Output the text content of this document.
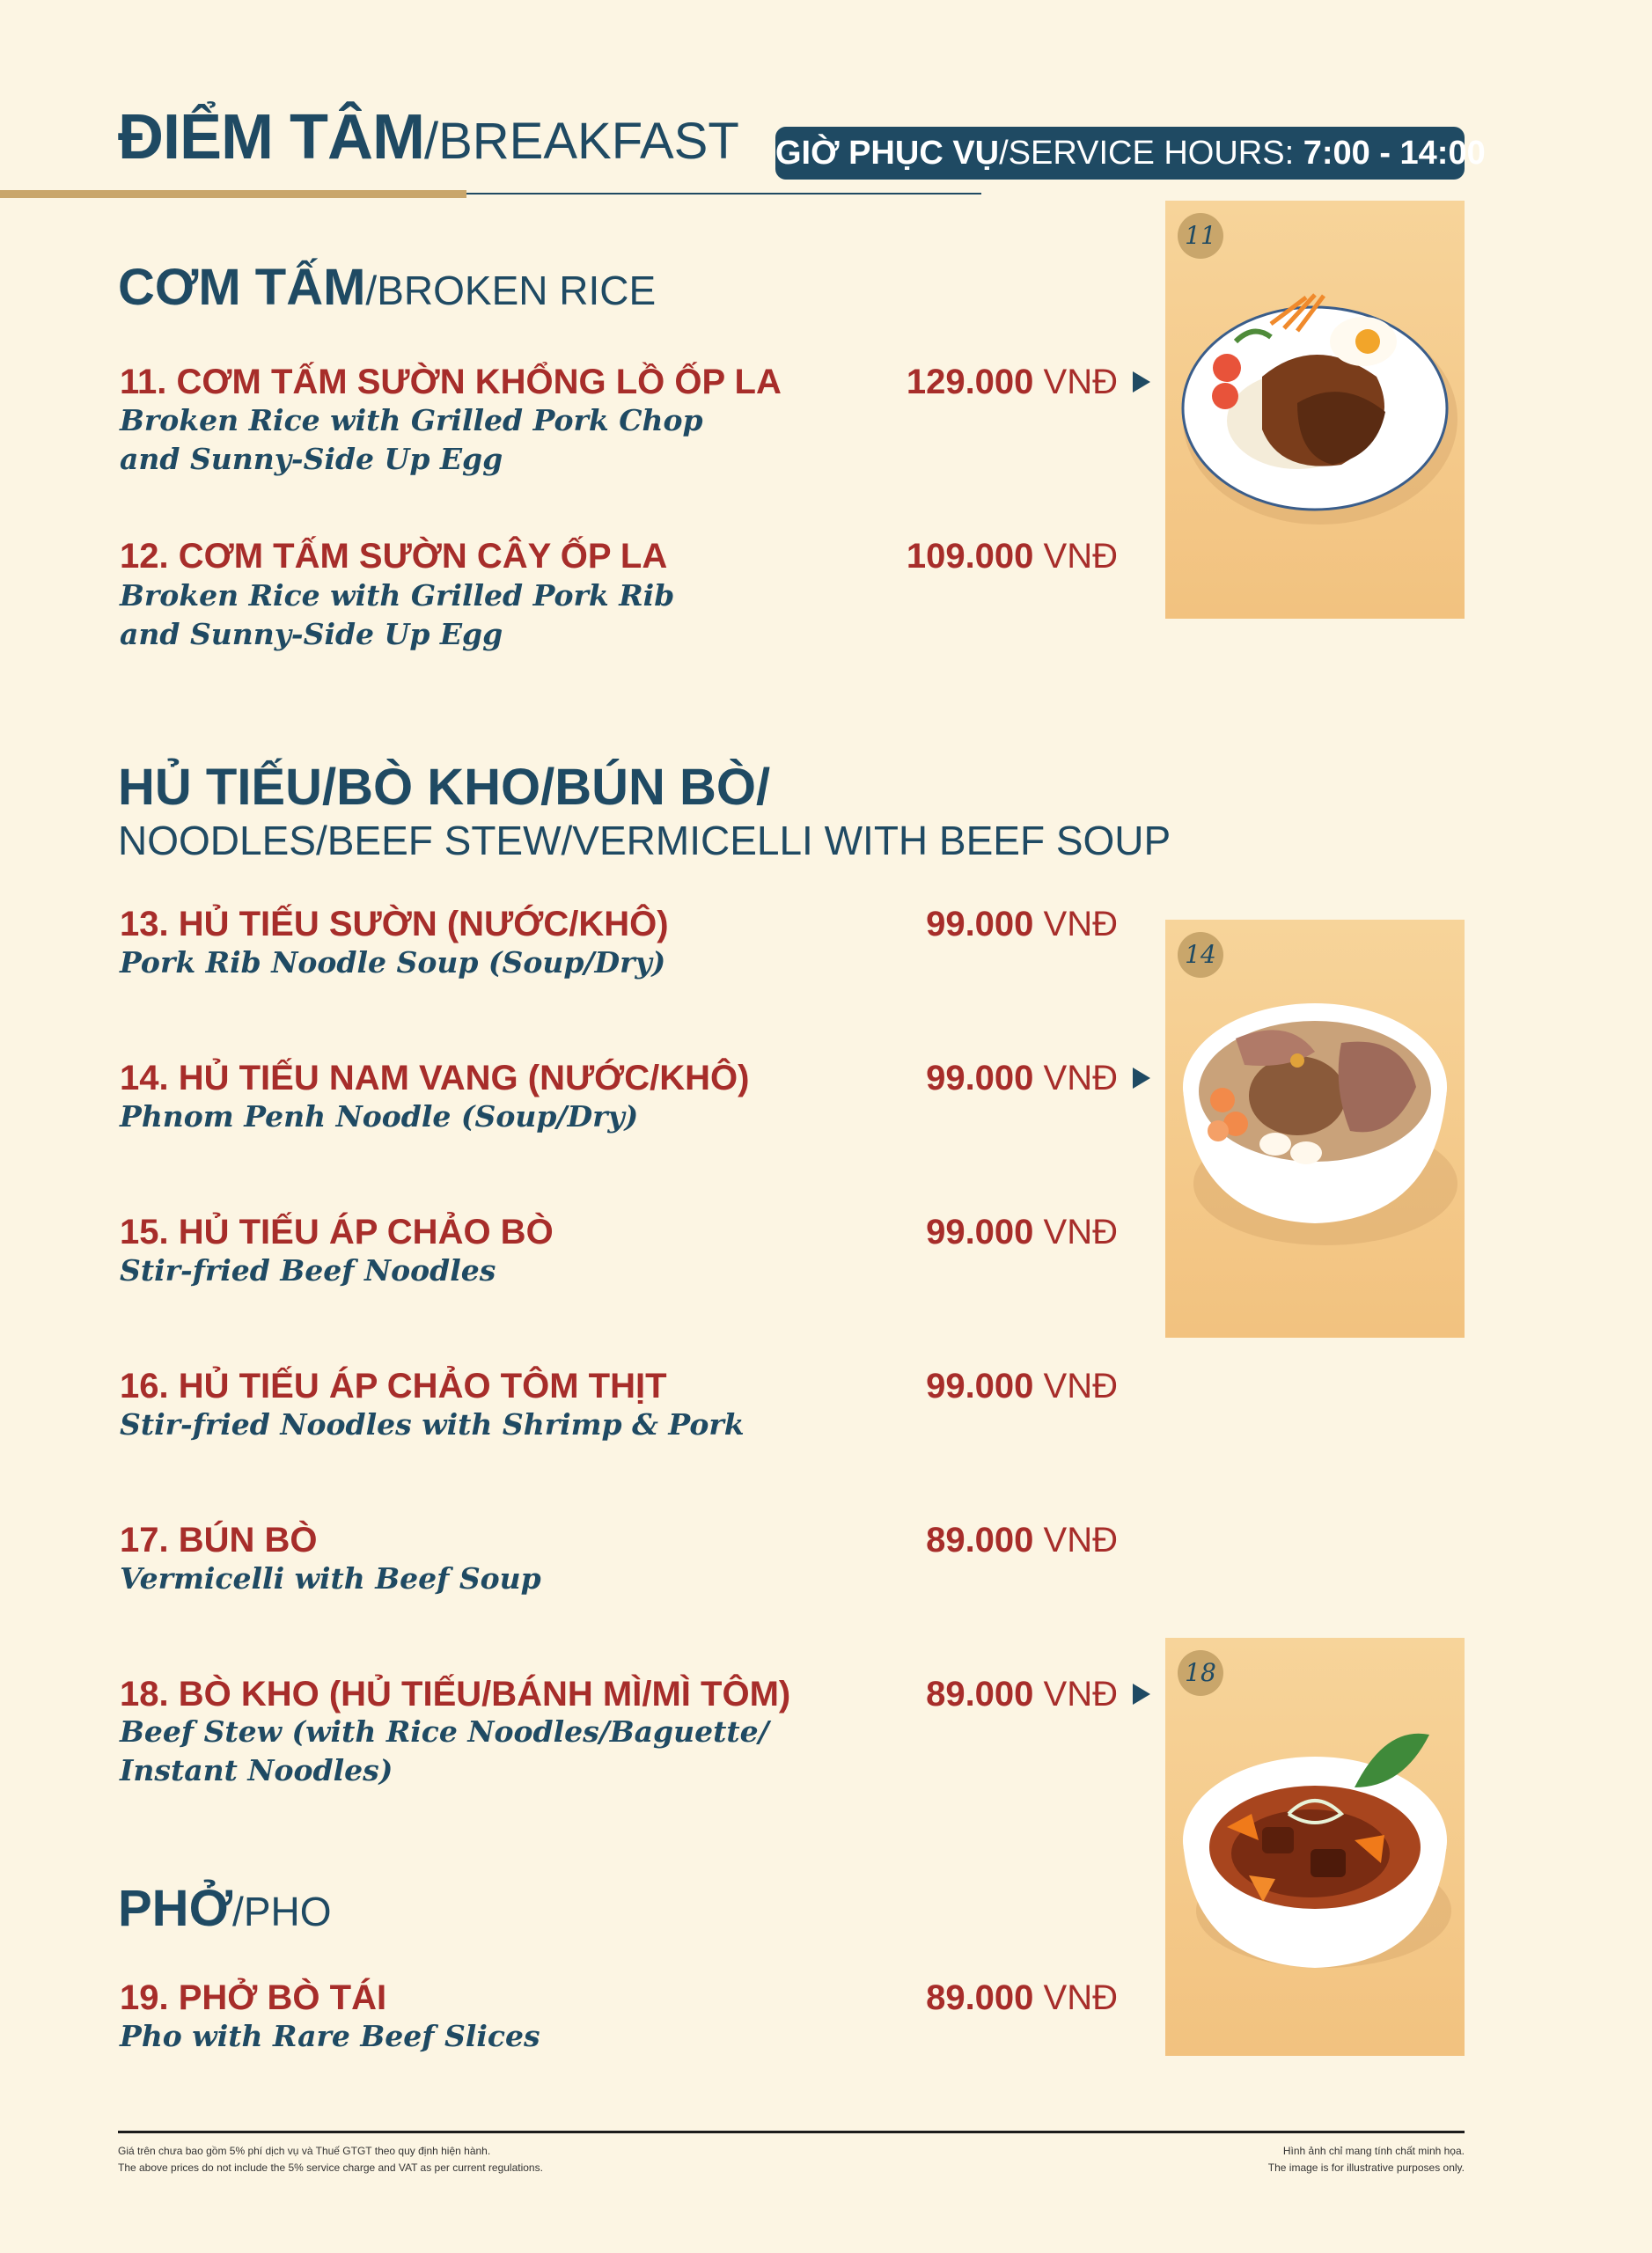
ĐIỂM TÂM/BREAKFAST GIỜ PHỤC VỤ/SERVICE HOURS: 7:00 - 14:00
CƠM TẤM/BROKEN RICE
11. CƠM TẤM SƯỜN KHỔNG LỒ ỐP LA	129.000 VNĐ
Broken Rice with Grilled Pork Chop
and Sunny-Side Up Egg
12. CƠM TẤM SƯỜN CÂY ỐP LA	109.000 VNĐ
Broken Rice with Grilled Pork Rib
and Sunny-Side Up Egg
11
HỦ TIẾU/BÒ KHO/BÚN BÒ/
NOODLES/BEEF STEW/VERMICELLI WITH BEEF SOUP
13. HỦ TIẾU SƯỜN (NƯỚC/KHÔ)	99.000 VNĐ
Pork Rib Noodle Soup (Soup/Dry)
14. HỦ TIẾU NAM VANG (NƯỚC/KHÔ)	99.000 VNĐ
Phnom Penh Noodle (Soup/Dry)
15. HỦ TIẾU ÁP CHẢO BÒ	99.000 VNĐ
Stir-fried Beef Noodles
16. HỦ TIẾU ÁP CHẢO TÔM THỊT	99.000 VNĐ
Stir-fried Noodles with Shrimp & Pork
17. BÚN BÒ	89.000 VNĐ
Vermicelli with Beef Soup
18. BÒ KHO (HỦ TIẾU/BÁNH MÌ/MÌ TÔM)	89.000 VNĐ
Beef Stew (with Rice Noodles/Baguette/
Instant Noodles)
14
PHỞ/PHO
19. PHỞ BÒ TÁI	89.000 VNĐ
Pho with Rare Beef Slices
18
Giá trên chưa bao gồm 5% phí dịch vụ và Thuế GTGT theo quy định hiện hành.
The above prices do not include the 5% service charge and VAT as per current regulations.
Hình ảnh chỉ mang tính chất minh họa.
The image is for illustrative purposes only.
